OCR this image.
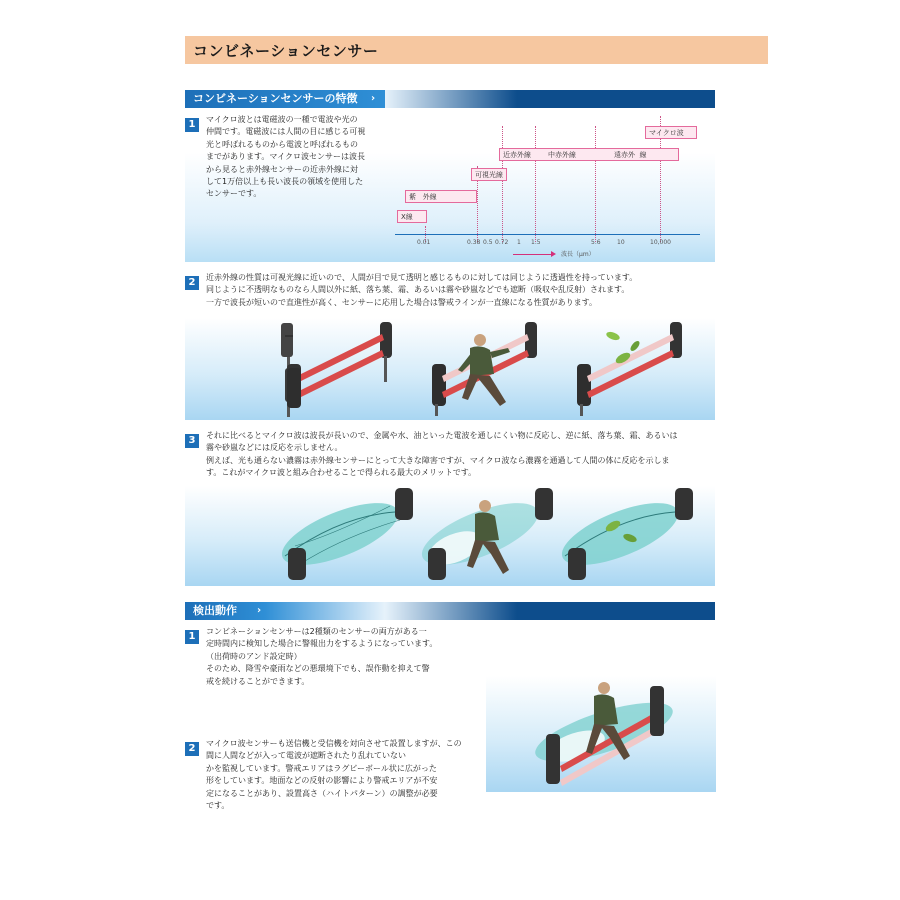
コンビネーションセンサー
コンビネーションセンサーの特徴	›
1	マイクロ波とは電磁波の一種で電波や光の
仲間です。電磁波には人間の目に感じる可視
光と呼ばれるものから電波と呼ばれるもの
までがあります。マイクロ波センサーは波長
から見ると赤外線センサーの近赤外線に対
して1万倍以上も長い波長の領域を使用した
センサーです。
X線
紫 外線
可視光線
近赤外線	中赤外線	遠赤外 線
マイクロ波
0.01	0.38 0.5 0.72 1 1.5	5.6	10	10,000
波長（μm）
2	近赤外線の性質は可視光線に近いので、人間が目で見て透明と感じるものに対しては同じように透過性を持っています。
同じように不透明なものなら人間以外に紙、落ち葉、霜、あるいは霧や砂嵐などでも遮断（吸収や乱反射）されます。
一方で波長が短いので直進性が高く、センサーに応用した場合は警戒ラインが一直線になる性質があります。
3	それに比べるとマイクロ波は波長が長いので、金属や水、油といった電波を通しにくい物に反応し、逆に紙、落ち葉、霜、あるいは
霧や砂嵐などには反応を示しません。
例えば、光も通らない濃霧は赤外線センサーにとって大きな障害ですが、マイクロ波なら濃霧を通過して人間の体に反応を示しま
す。これがマイクロ波と組み合わせることで得られる最大のメリットです。
検出動作	›
1	コンビネーションセンサーは2種類のセンサーの両方がある一
定時間内に検知した場合に警報出力をするようになっています。
（出荷時のアンド設定時）
そのため、降雪や豪雨などの悪環境下でも、誤作動を抑えて警
戒を続けることができます。
2	マイクロ波センサーも送信機と受信機を対向させて設置しますが、この間に人間などが入って電波が遮断されたり乱れていない
かを監視しています。警戒エリアはラグビーボール状に広がった
形をしています。地面などの反射の影響により警戒エリアが不安
定になることがあり、設置高さ（ハイトパターン）の調整が必要
です。
